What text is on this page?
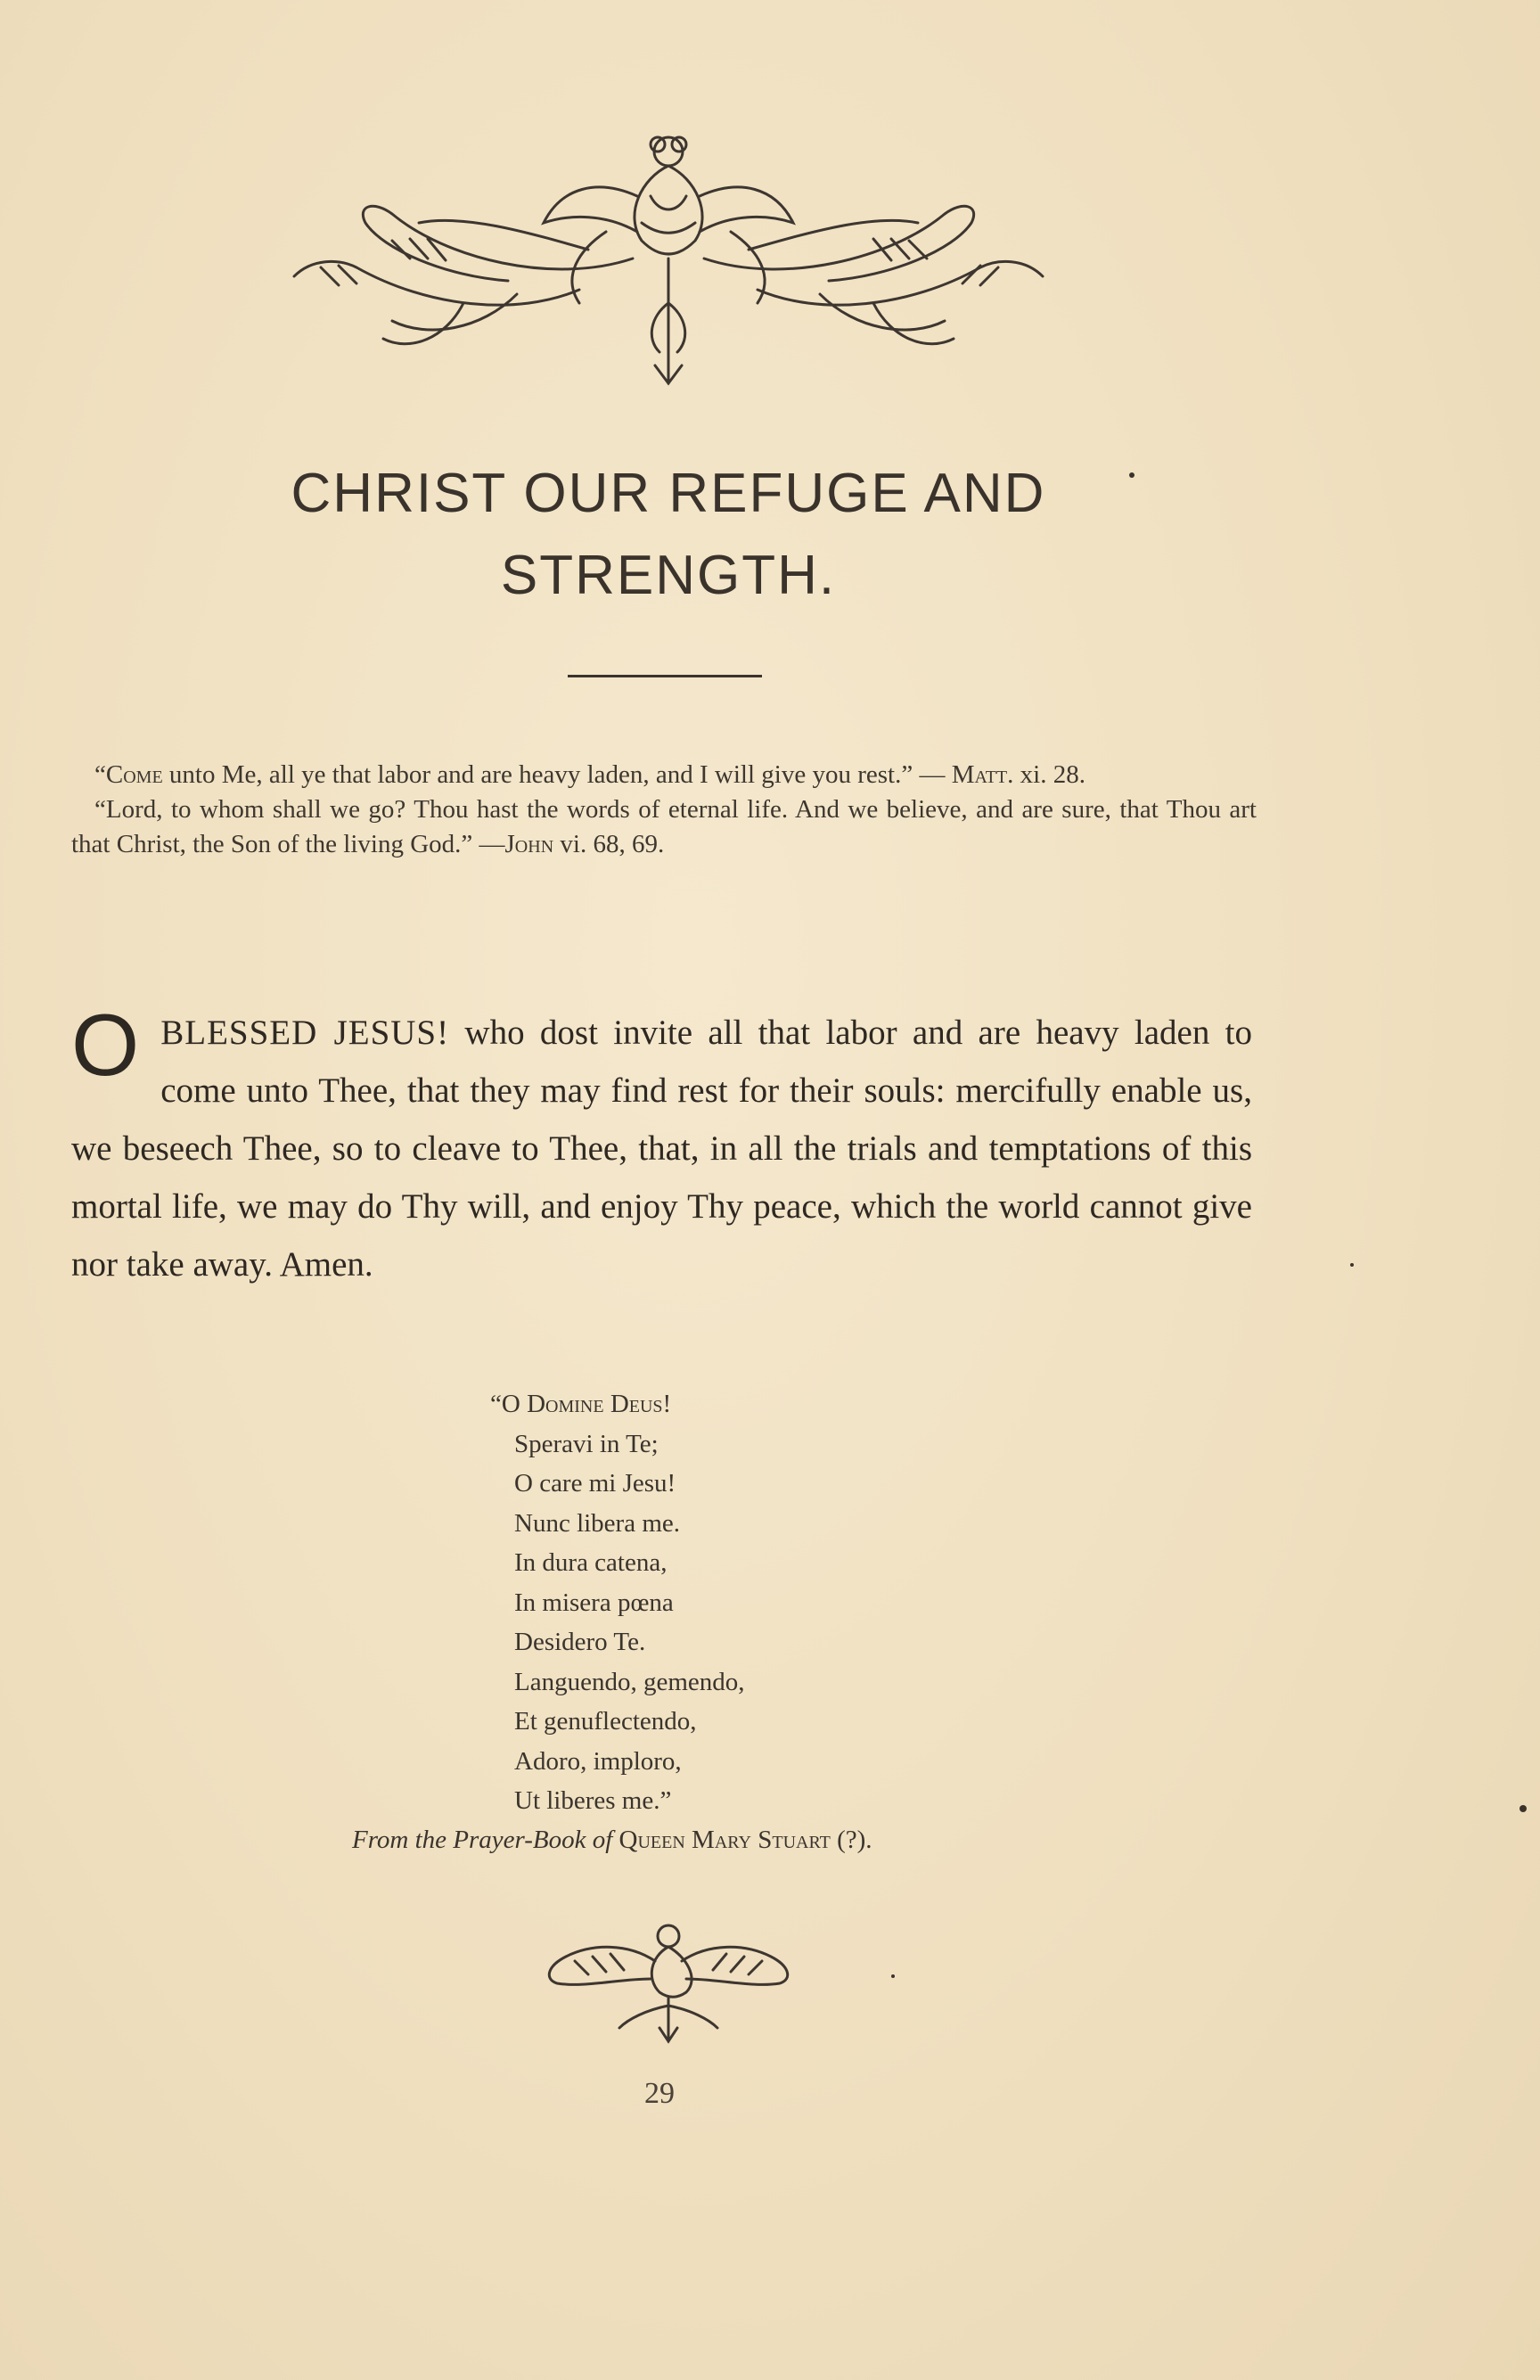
CHRIST OUR REFUGE AND
STRENGTH.

“Come unto Me, all ye that labor and are heavy laden, and I will give you rest.” — Matt. xi. 28.

“Lord, to whom shall we go? Thou hast the words of eternal life. And we believe, and are sure, that Thou art that Christ, the Son of the living God.” —John vi. 68, 69.

OBLESSED JESUS! who dost invite all that labor and are heavy laden to come unto Thee, that they may find rest for their souls: mercifully enable us, we beseech Thee, so to cleave to Thee, that, in all the trials and temptations of this mortal life, we may do Thy will, and enjoy Thy peace, which the world cannot give nor take away. Amen.
“O Domine Deus!
Speravi in Te;
O care mi Jesu!
Nunc libera me.
In dura catena,
In misera pœna
Desidero Te.
Languendo, gemendo,
Et genuflectendo,
Adoro, imploro,
Ut liberes me.”
From the Prayer-Book of Queen Mary Stuart (?).
29
